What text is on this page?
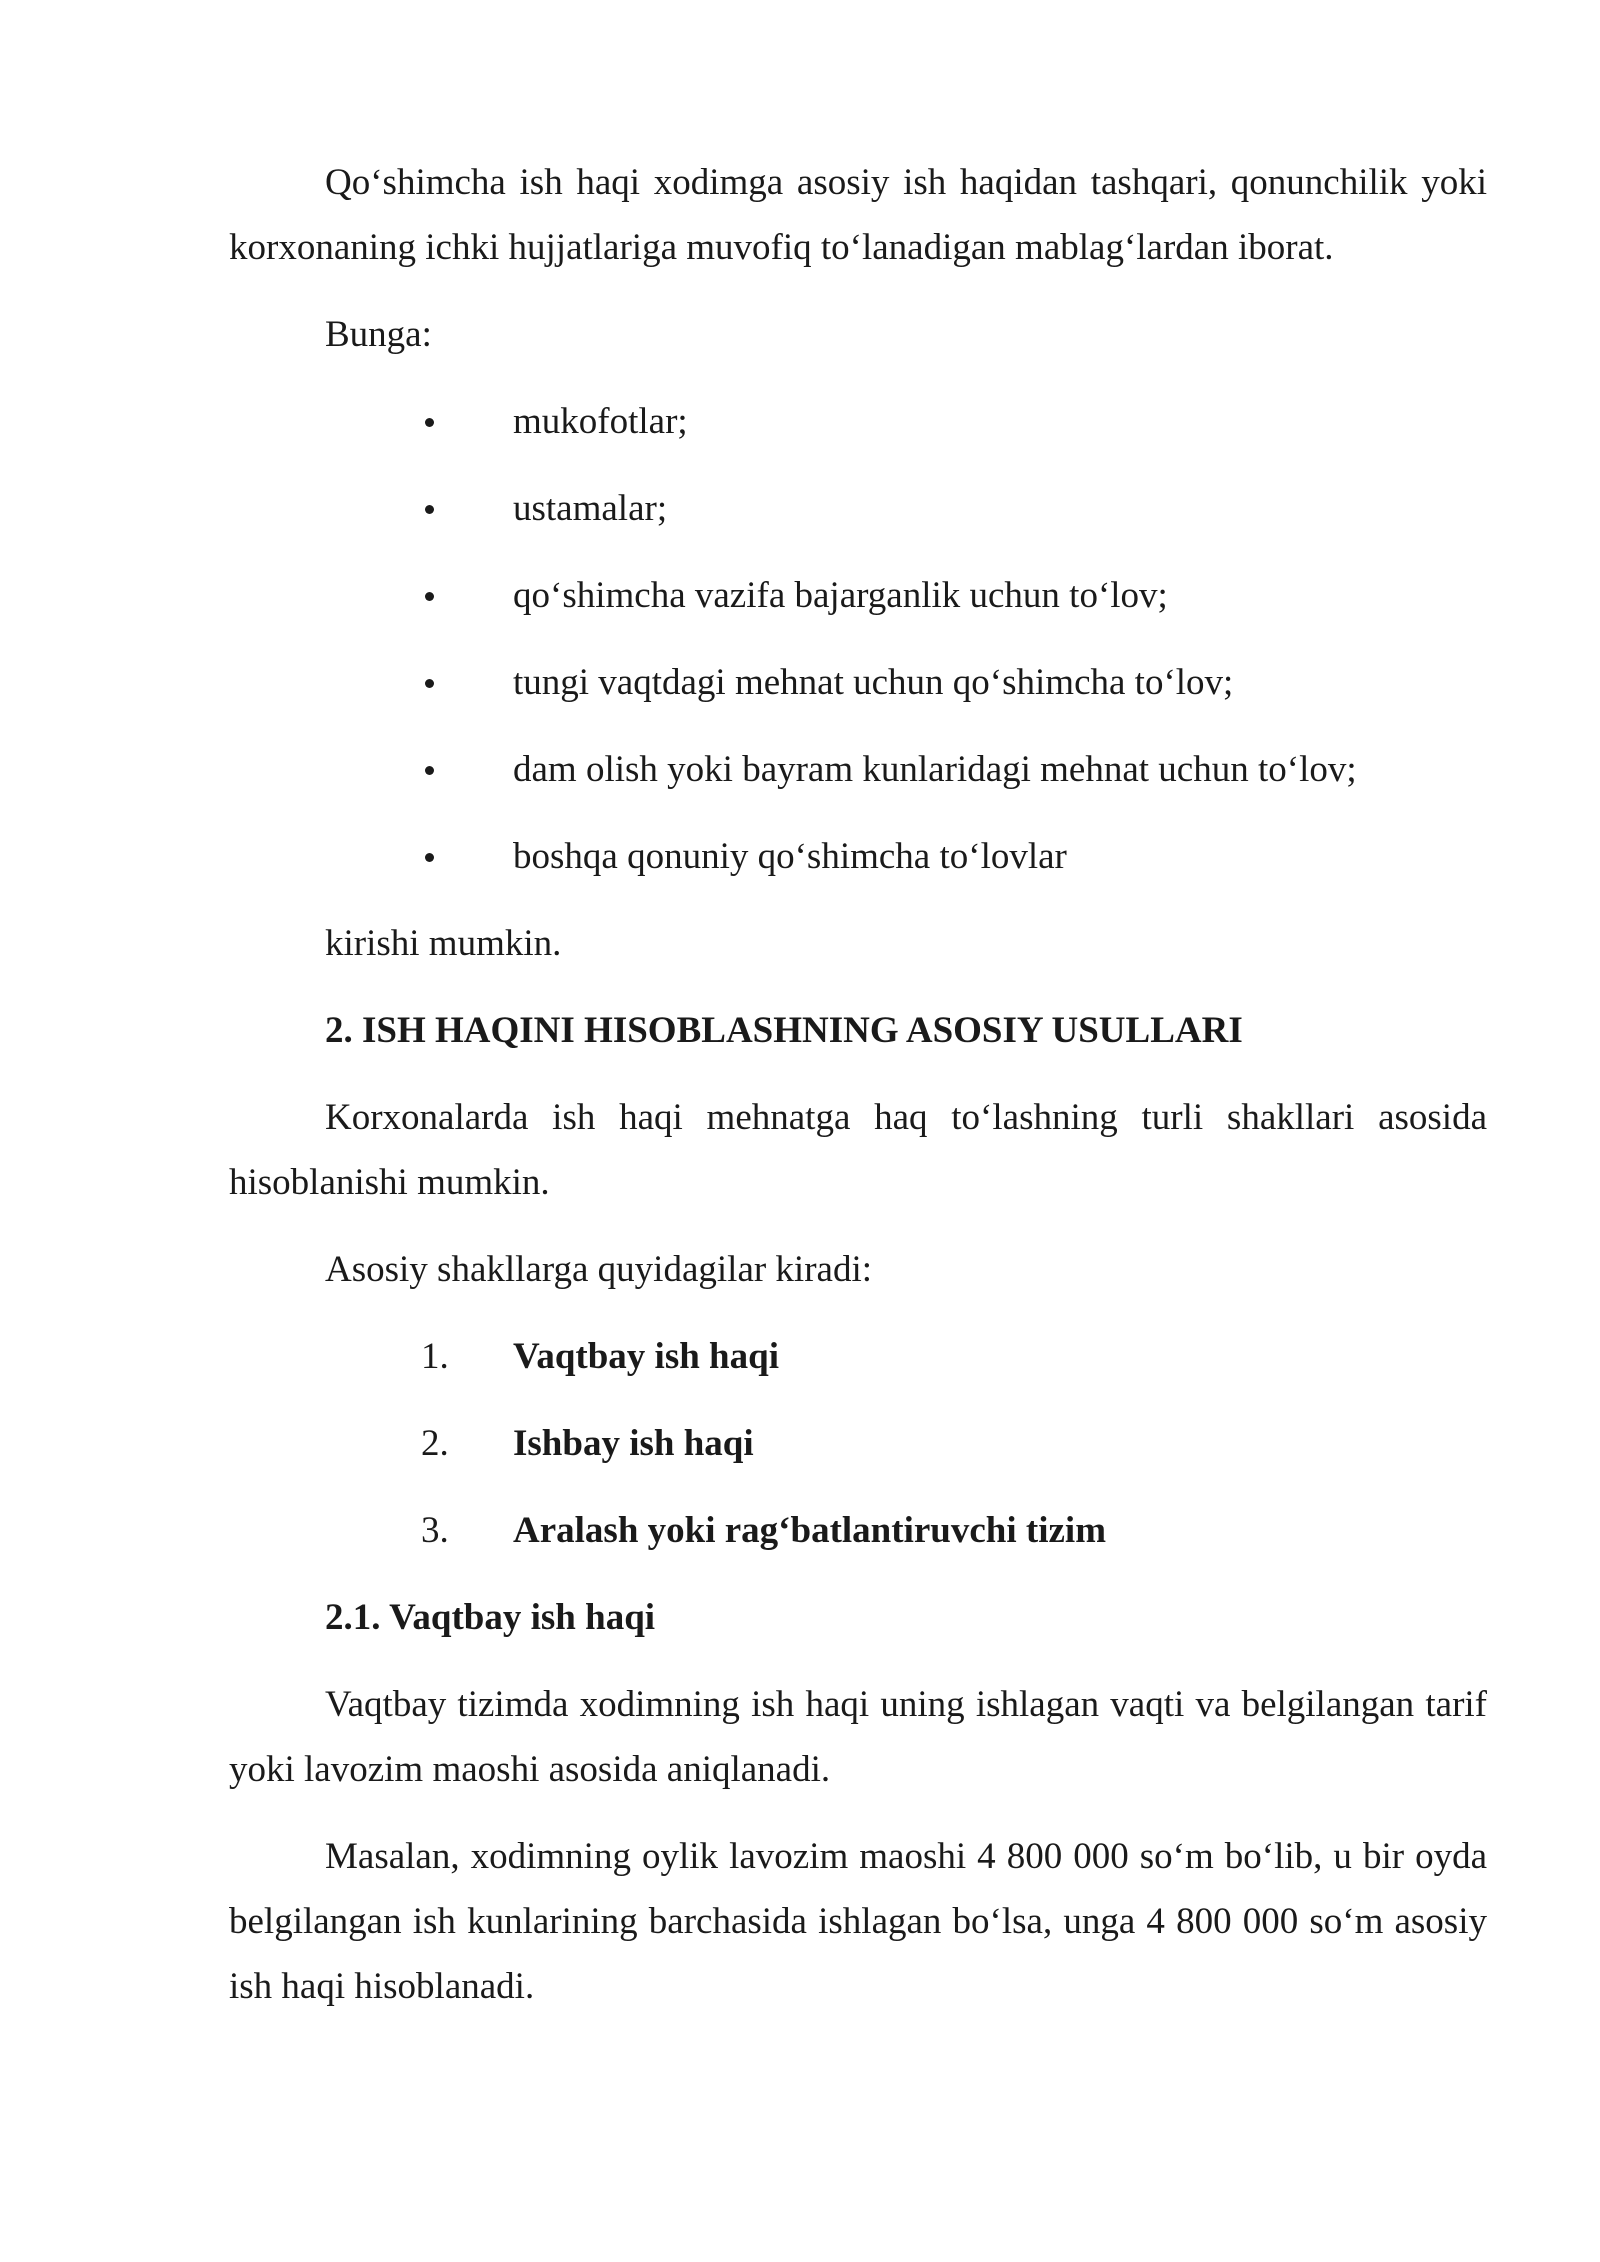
Qo‘shimcha ish haqi xodimga asosiy ish haqidan tashqari, qonunchilik yoki korxonaning ichki hujjatlariga muvofiq to‘lanadigan mablag‘lardan iborat.

Bunga:
mukofotlar;
ustamalar;
qo‘shimcha vazifa bajarganlik uchun to‘lov;
tungi vaqtdagi mehnat uchun qo‘shimcha to‘lov;
dam olish yoki bayram kunlaridagi mehnat uchun to‘lov;
boshqa qonuniy qo‘shimcha to‘lovlar
kirishi mumkin.
2. ISH HAQINI HISOBLASHNING ASOSIY USULLARI

Korxonalarda ish haqi mehnatga haq to‘lashning turli shakllari asosida hisoblanishi mumkin.

Asosiy shakllarga quyidagilar kiradi:
1.	Vaqtbay ish haqi
2.	Ishbay ish haqi
3.	Aralash yoki rag‘batlantiruvchi tizim
2.1. Vaqtbay ish haqi

Vaqtbay tizimda xodimning ish haqi uning ishlagan vaqti va belgilangan tarif yoki lavozim maoshi asosida aniqlanadi.

Masalan, xodimning oylik lavozim maoshi 4 800 000 so‘m bo‘lib, u bir oyda belgilangan ish kunlarining barchasida ishlagan bo‘lsa, unga 4 800 000 so‘m asosiy ish haqi hisoblanadi.
